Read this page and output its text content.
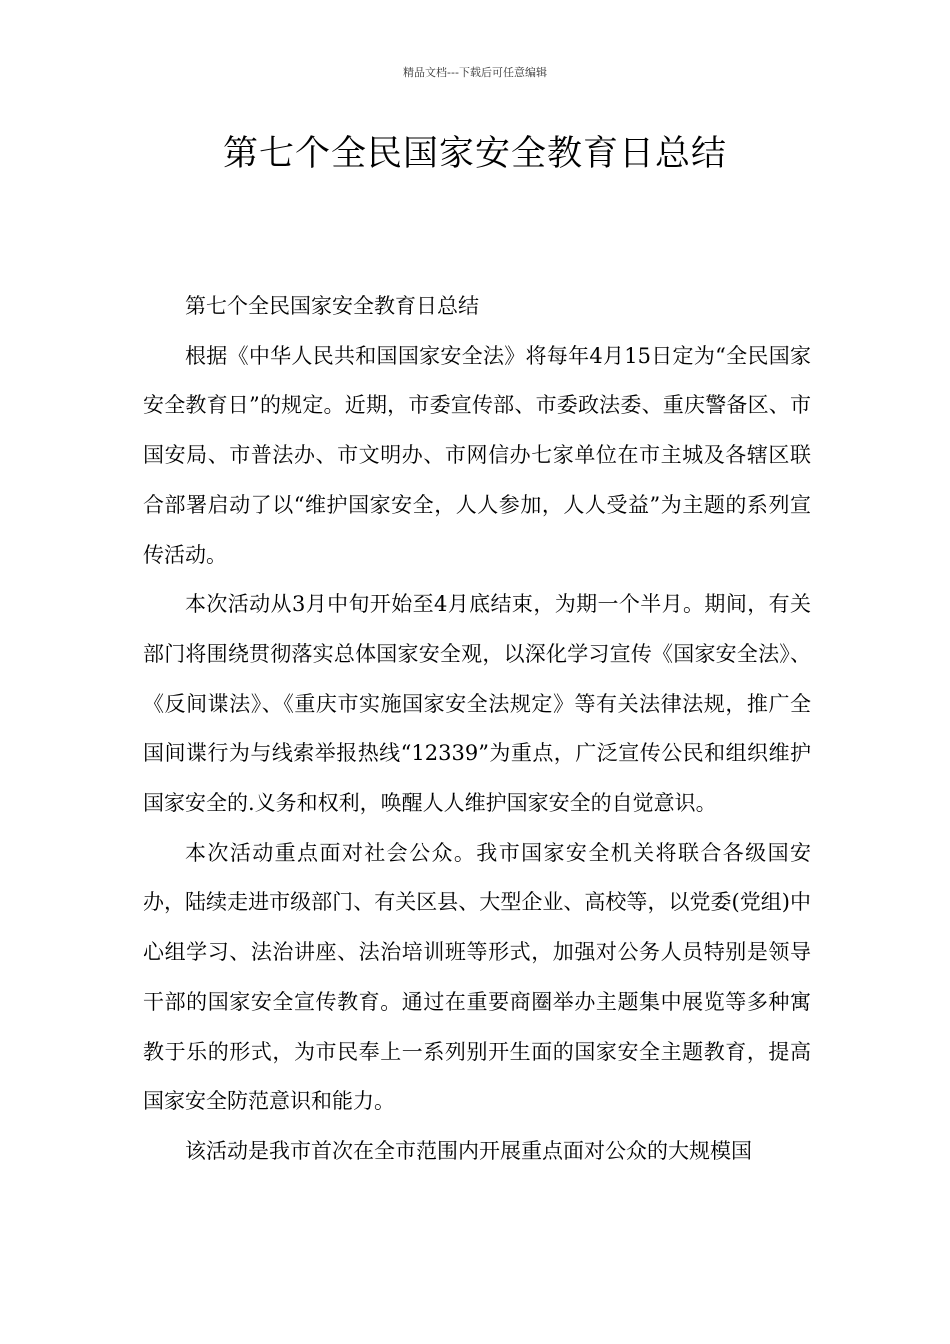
精品文档---下载后可任意编辑
第七个全民国家安全教育日总结

第七个全民国家安全教育日总结

根据《中华人民共和国国家安全法》将每年4月15日定为“全民国家安全教育日”的规定。近期，市委宣传部、市委政法委、重庆警备区、市国安局、市普法办、市文明办、市网信办七家单位在市主城及各辖区联合部署启动了以“维护国家安全，人人参加，人人受益”为主题的系列宣传活动。

本次活动从3月中旬开始至4月底结束，为期一个半月。期间，有关部门将围绕贯彻落实总体国家安全观，以深化学习宣传《国家安全法》、《反间谍法》、《重庆市实施国家安全法规定》等有关法律法规，推广全国间谍行为与线索举报热线“12339”为重点，广泛宣传公民和组织维护国家安全的.义务和权利，唤醒人人维护国家安全的自觉意识。

本次活动重点面对社会公众。我市国家安全机关将联合各级国安办，陆续走进市级部门、有关区县、大型企业、高校等，以党委(党组)中心组学习、法治讲座、法治培训班等形式，加强对公务人员特别是领导干部的国家安全宣传教育。通过在重要商圈举办主题集中展览等多种寓教于乐的形式，为市民奉上一系列别开生面的国家安全主题教育，提高国家安全防范意识和能力。

该活动是我市首次在全市范围内开展重点面对公众的大规模国
